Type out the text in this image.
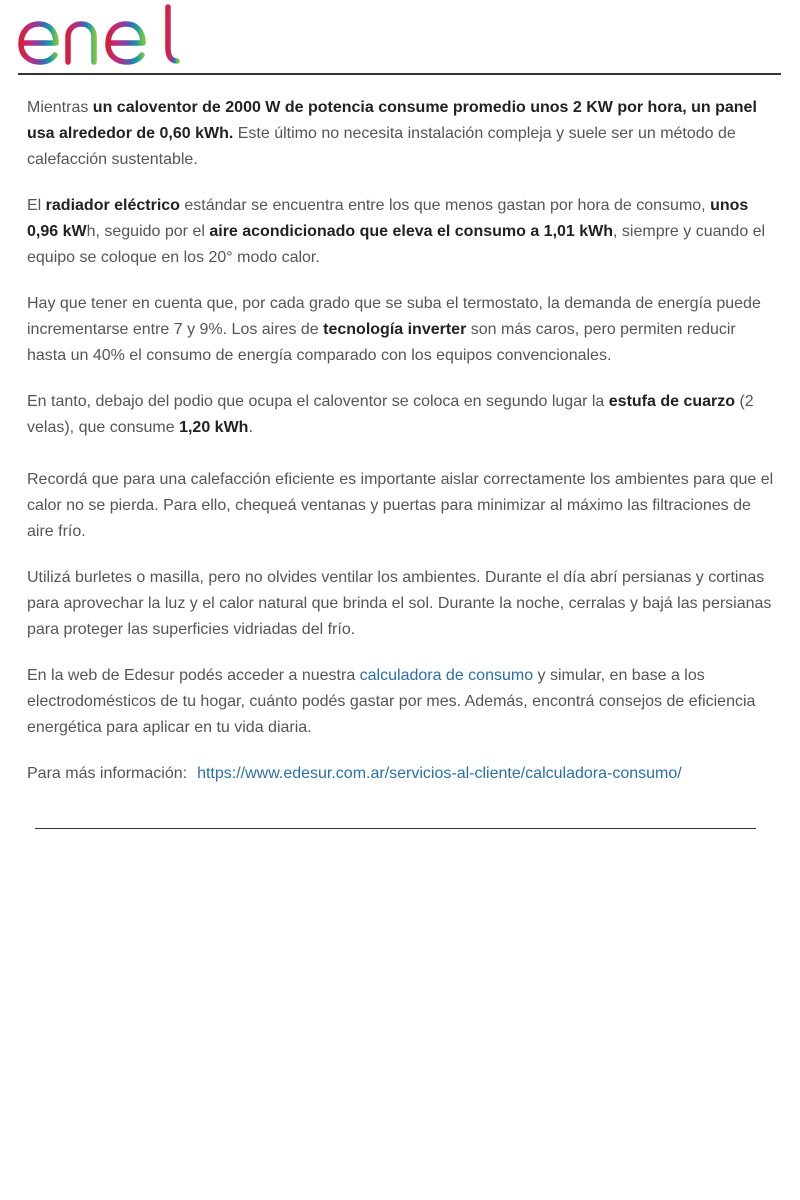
Mientras un caloventor de 2000 W de potencia consume promedio unos 2 KW por hora, un panel usa alrededor de 0,60 kWh. Este último no necesita instalación compleja y suele ser un método de calefacción sustentable.

El radiador eléctrico estándar se encuentra entre los que menos gastan por hora de consumo, unos 0,96 kWh, seguido por el aire acondicionado que eleva el consumo a 1,01 kWh, siempre y cuando el equipo se coloque en los 20° modo calor.

Hay que tener en cuenta que, por cada grado que se suba el termostato, la demanda de energía puede incrementarse entre 7 y 9%. Los aires de tecnología inverter son más caros, pero permiten reducir hasta un 40% el consumo de energía comparado con los equipos convencionales.

En tanto, debajo del podio que ocupa el caloventor se coloca en segundo lugar la estufa de cuarzo (2 velas), que consume 1,20 kWh.

Recordá que para una calefacción eficiente es importante aislar correctamente los ambientes para que el calor no se pierda. Para ello, chequeá ventanas y puertas para minimizar al máximo las filtraciones de aire frío.

Utilizá burletes o masilla, pero no olvides ventilar los ambientes. Durante el día abrí persianas y cortinas para aprovechar la luz y el calor natural que brinda el sol. Durante la noche, cerralas y bajá las persianas para proteger las superficies vidriadas del frío.

En la web de Edesur podés acceder a nuestra calculadora de consumo y simular, en base a los electrodomésticos de tu hogar, cuánto podés gastar por mes. Además, encontrá consejos de eficiencia energética para aplicar en tu vida diaria.

Para más información: https://www.edesur.com.ar/servicios-al-cliente/calculadora-consumo/
